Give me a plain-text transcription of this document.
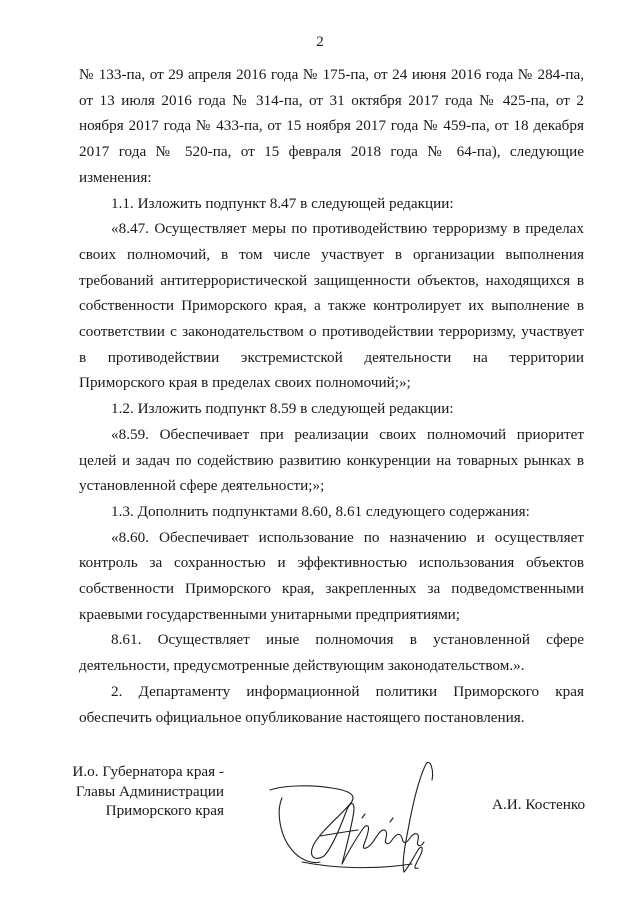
2

№ 133-па, от 29 апреля 2016 года № 175-па, от 24 июня 2016 года № 284-па, от 13 июля 2016 года № 314-па, от 31 октября 2017 года № 425-па, от 2 ноября 2017 года № 433-па, от 15 ноября 2017 года № 459-па, от 18 декабря 2017 года № 520-па, от 15 февраля 2018 года № 64-па), следующие изменения:

1.1. Изложить подпункт 8.47 в следующей редакции:

«8.47. Осуществляет меры по противодействию терроризму в пределах своих полномочий, в том числе участвует в организации выполнения требований антитеррористической защищенности объектов, находящихся в собственности Приморского края, а также контролирует их выполнение в соответствии с законодательством о противодействии терроризму, участвует в противодействии экстремистской деятельности на территории Приморского края в пределах своих полномочий;»;

1.2. Изложить подпункт 8.59 в следующей редакции:

«8.59. Обеспечивает при реализации своих полномочий приоритет целей и задач по содействию развитию конкуренции на товарных рынках в установленной сфере деятельности;»;

1.3. Дополнить подпунктами 8.60, 8.61 следующего содержания:

«8.60. Обеспечивает использование по назначению и осуществляет контроль за сохранностью и эффективностью использования объектов собственности Приморского края, закрепленных за подведомственными краевыми государственными унитарными предприятиями;

8.61. Осуществляет иные полномочия в установленной сфере деятельности, предусмотренные действующим законодательством.».

2. Департаменту информационной политики Приморского края обеспечить официальное опубликование настоящего постановления.

И.о. Губернатора края -
Главы Администрации
Приморского края	А.И. Костенко
